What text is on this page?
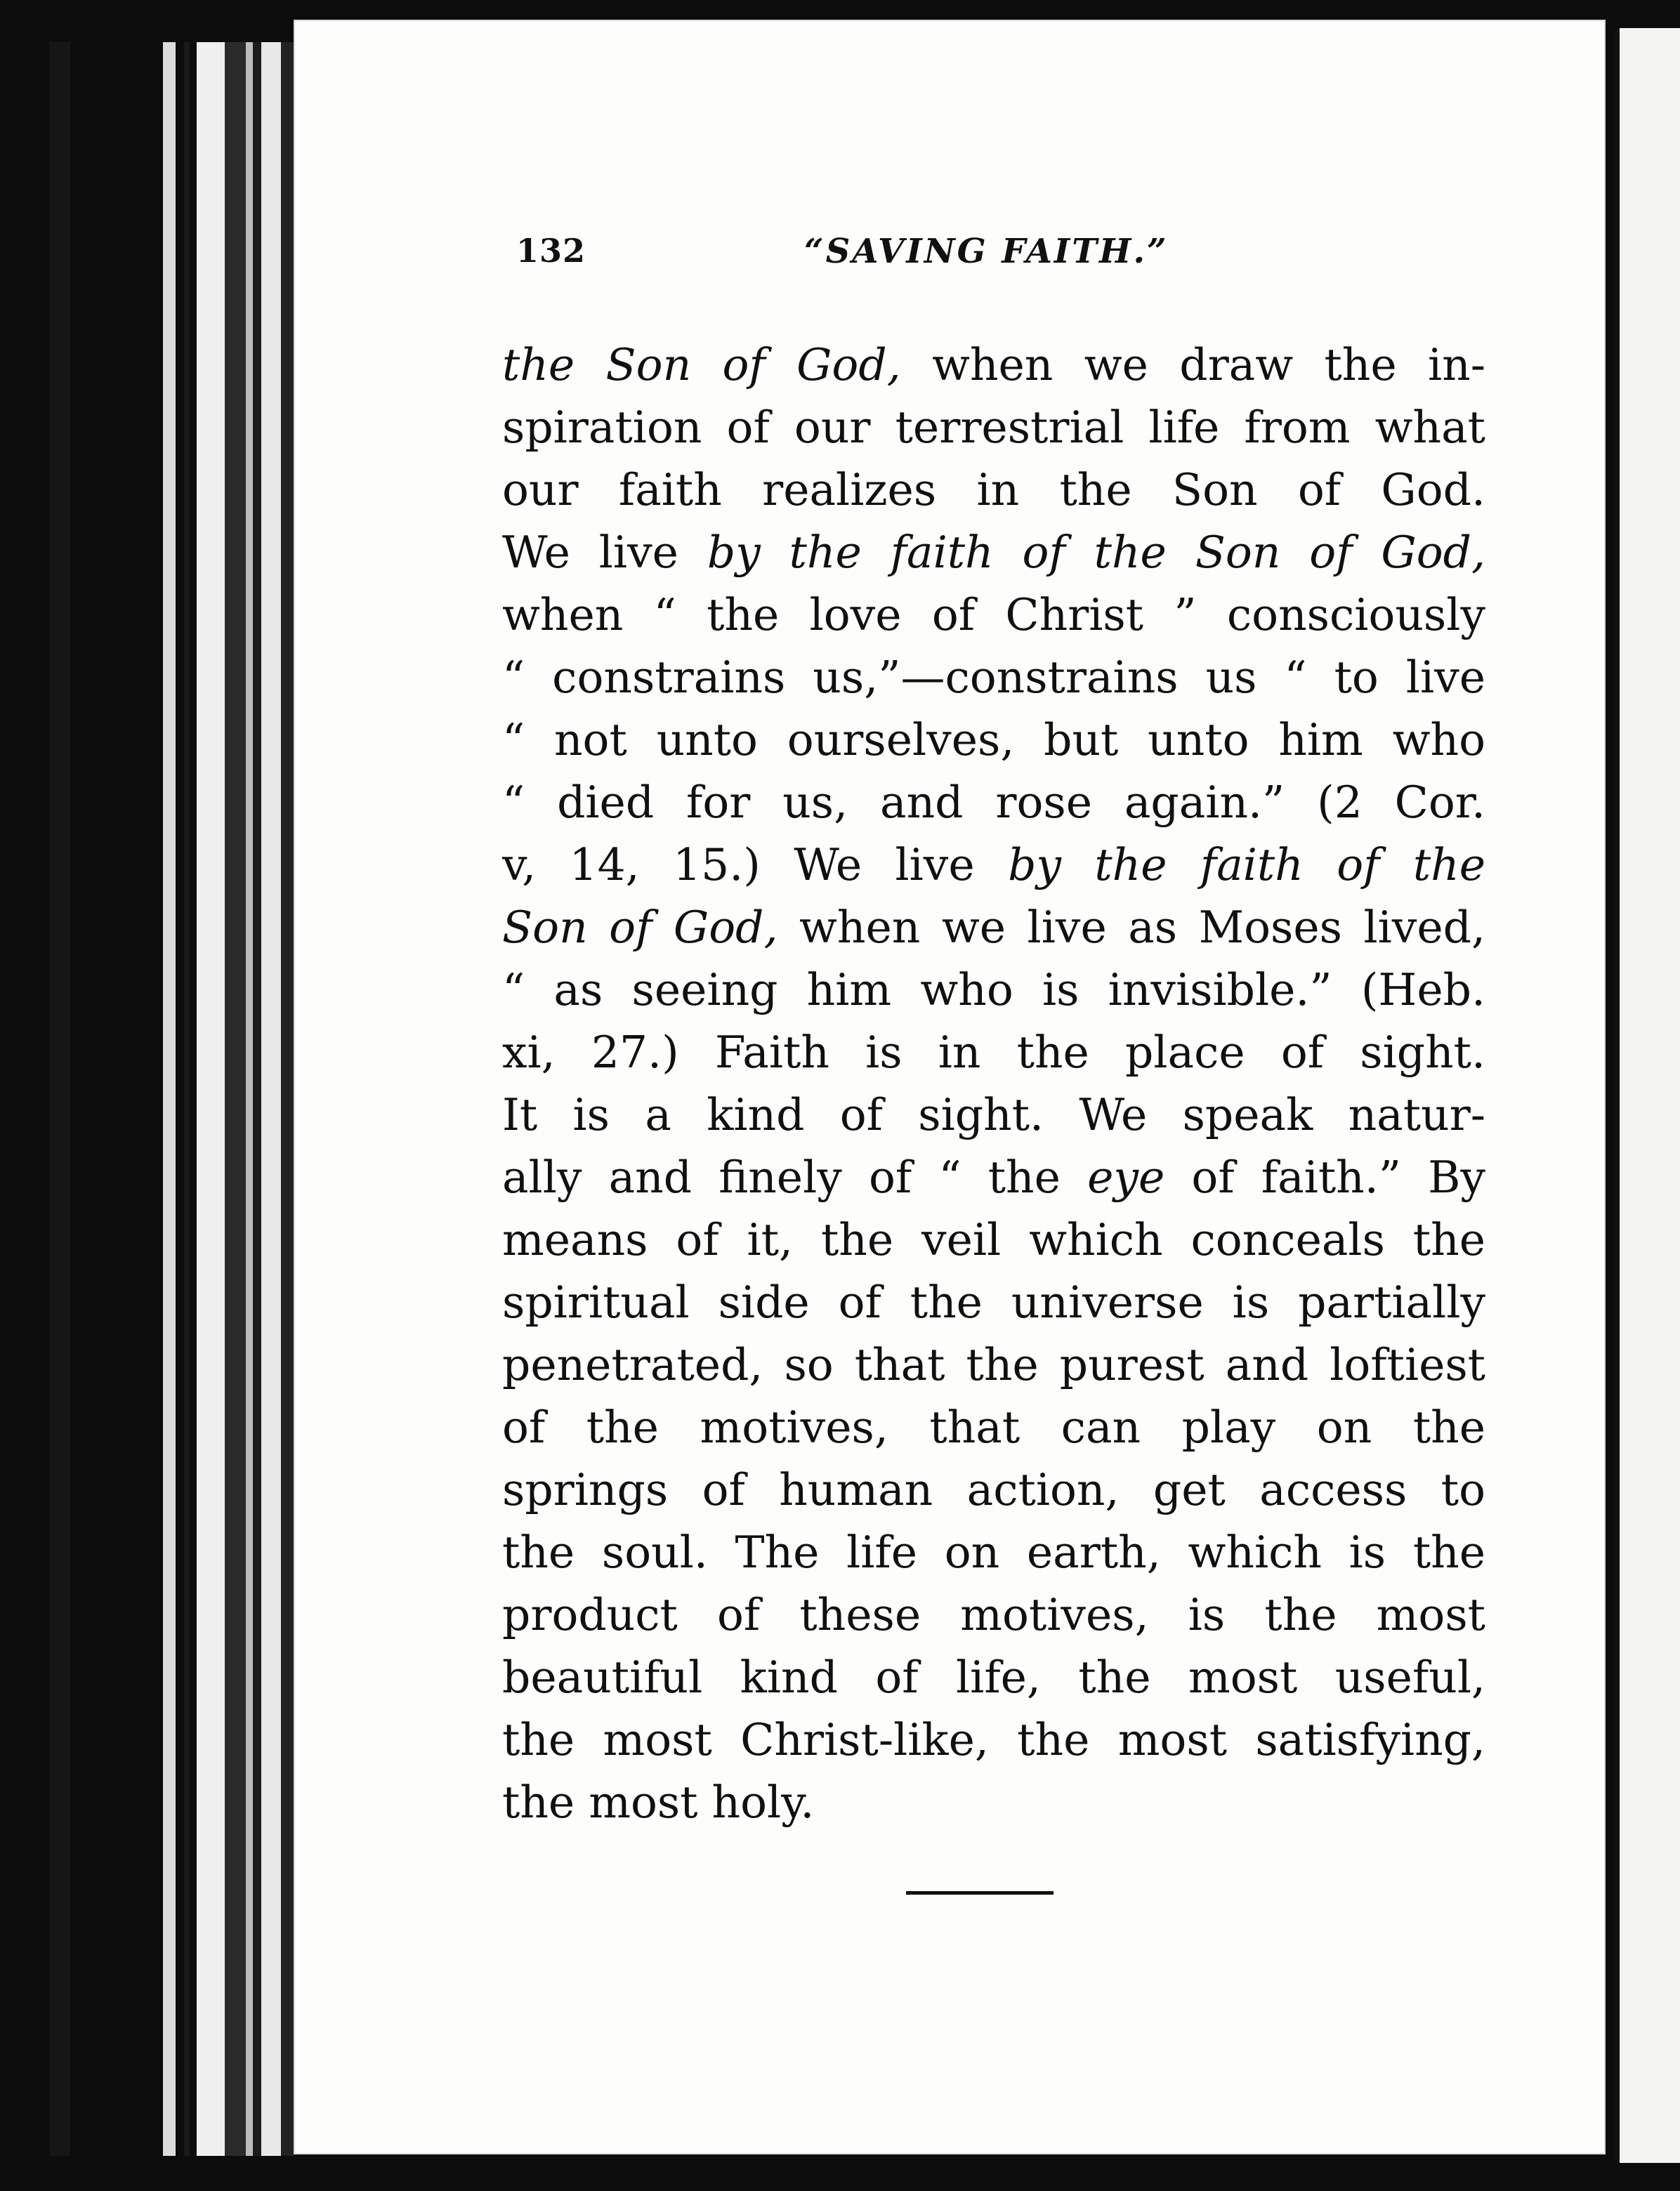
132	“SAVING FAITH.”
the Son of God, when we draw the in-
spiration of our terrestrial life from what
our faith realizes in the Son of God.
We live by the faith of the Son of God,
when “ the love of Christ ” consciously
“ constrains us,”—constrains us “ to live
“ not unto ourselves, but unto him who
“ died for us, and rose again.” (2 Cor.
v, 14, 15.) We live by the faith of the
Son of God, when we live as Moses lived,
“ as seeing him who is invisible.” (Heb.
xi, 27.) Faith is in the place of sight.
It is a kind of sight. We speak natur-
ally and finely of “ the eye of faith.” By
means of it, the veil which conceals the
spiritual side of the universe is partially
penetrated, so that the purest and loftiest
of the motives, that can play on the
springs of human action, get access to
the soul. The life on earth, which is the
product of these motives, is the most
beautiful kind of life, the most useful,
the most Christ-like, the most satisfying,
the most holy.
